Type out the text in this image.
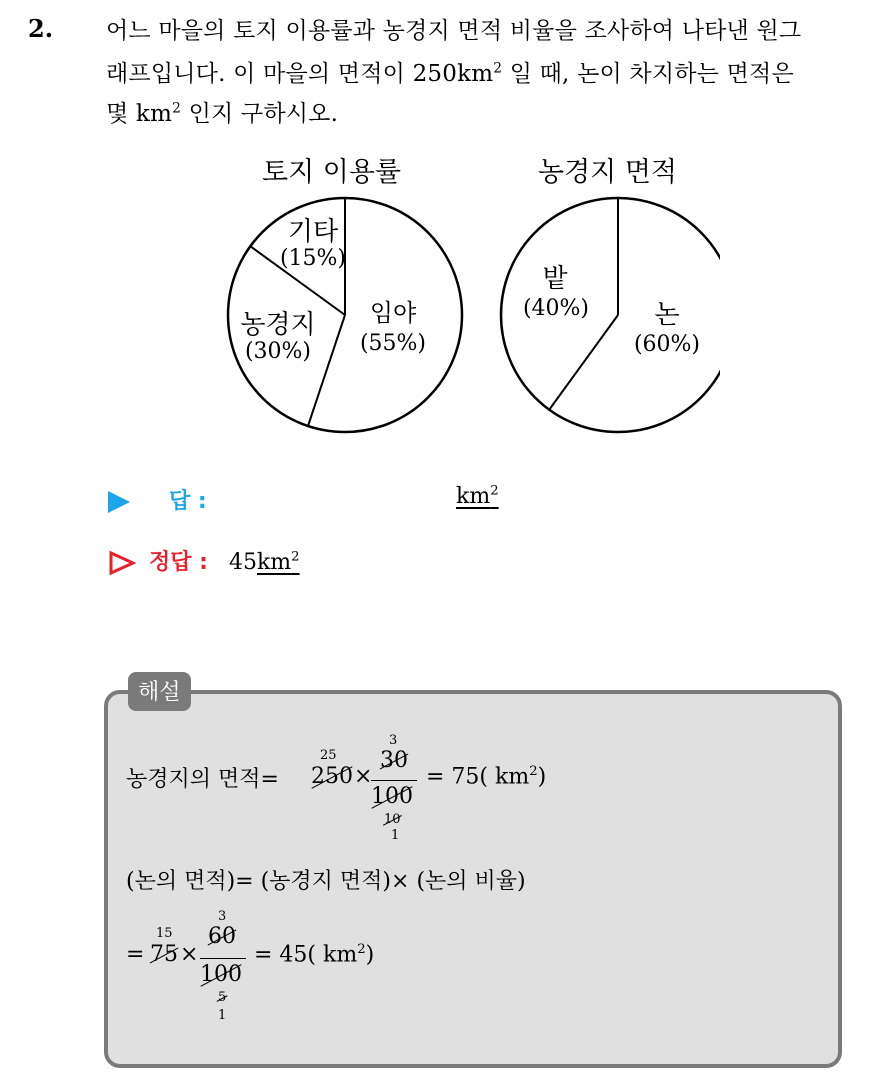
2. 어느 마을의 토지 이용률과 농경지 면적 비율을 조사하여 나타낸 원그
래프입니다. 이 마을의 면적이 $250km^2$ 일 때, 논이 차지하는 면적은
몇 $km^2$ 인지 구하시오.
토지 이용률	농경지 면적
임야
(55%)
농경지
(30%)
기타
(15%)
논
(60%)
밭
(40%)
답 :	$km^2$
정답 : $45km^2$
해설
농경지의 면적=
25
250 ×
3
30
100
10
1
= 75( $km^2$)
(논의 면적)= (농경지 면적)× (논의 비율)
=
15
75 ×
3
60
100
5
1
= 45( $km^2$)
